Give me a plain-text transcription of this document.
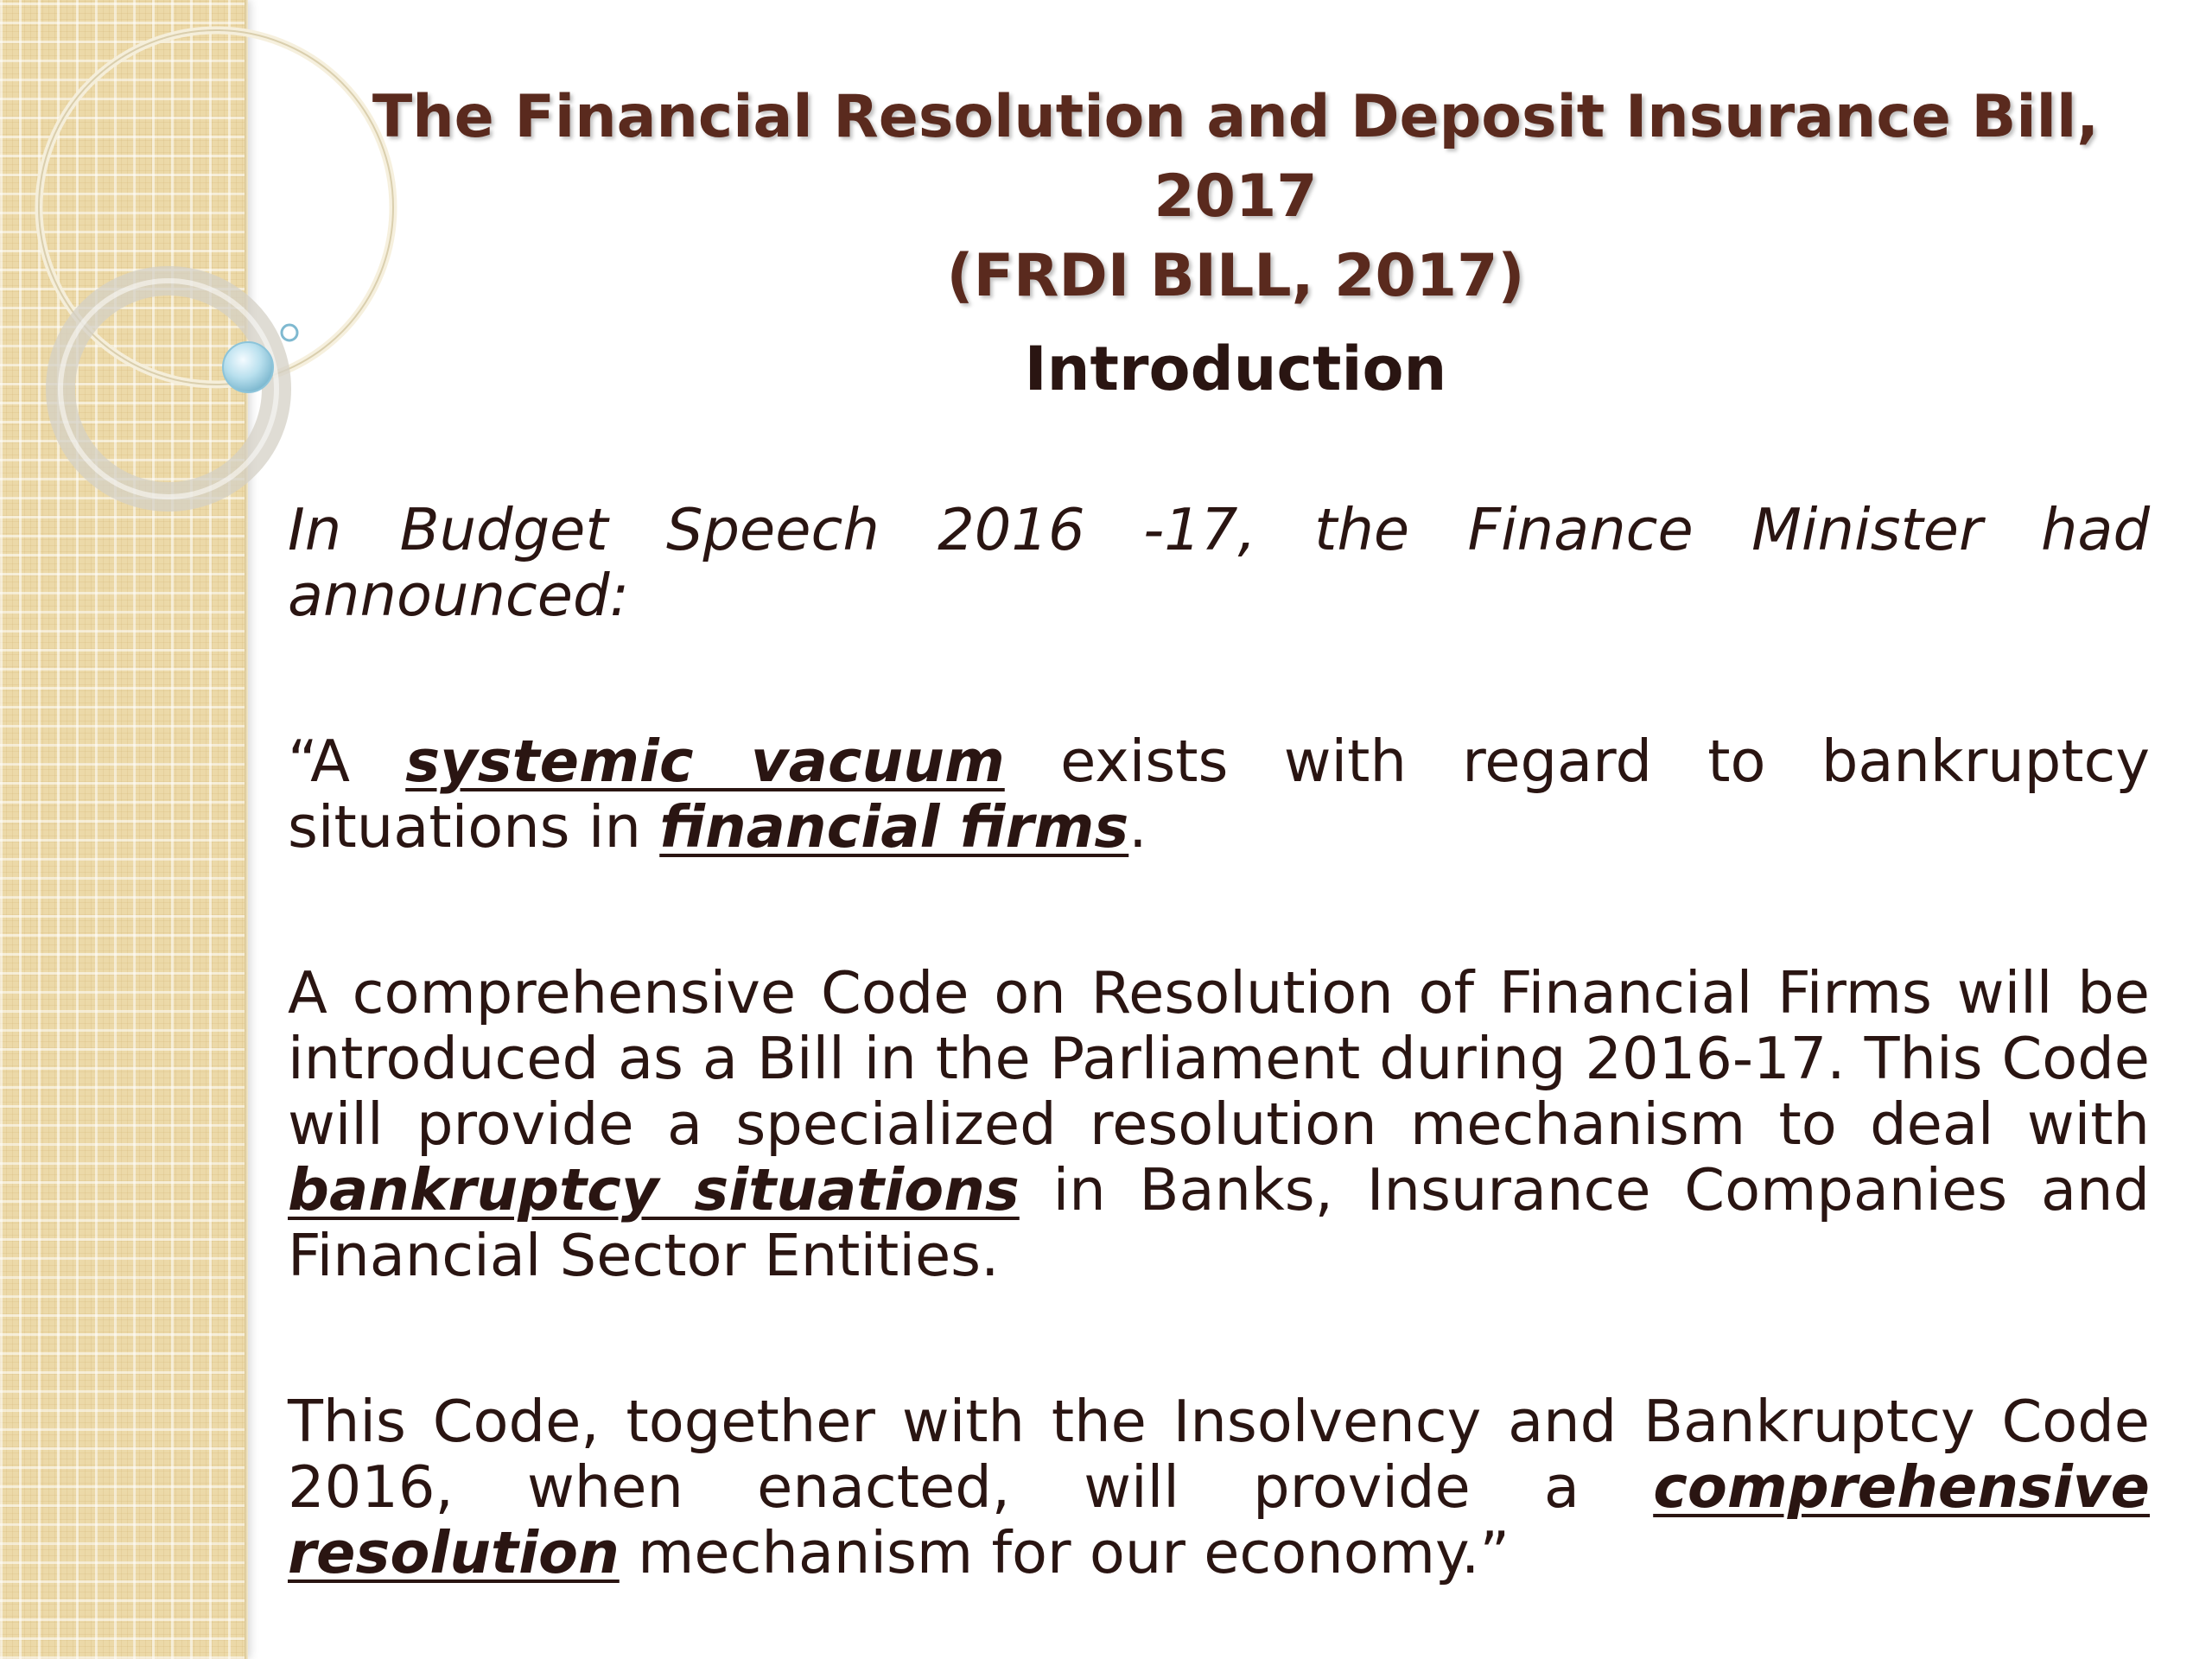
The Financial Resolution and Deposit Insurance Bill, 2017
(FRDI BILL, 2017)
Introduction

In Budget Speech 2016 -17, the Finance Minister had announced:

“A systemic vacuum exists with regard to bankruptcy situations in financial firms.

A comprehensive Code on Resolution of Financial Firms will be introduced as a Bill in the Parliament during 2016-17. This Code will provide a specialized resolution mechanism to deal with bankruptcy situations in Banks, Insurance Companies and Financial Sector Entities.

This Code, together with the Insolvency and Bankruptcy Code 2016, when enacted, will provide a comprehensive resolution mechanism for our economy.”
